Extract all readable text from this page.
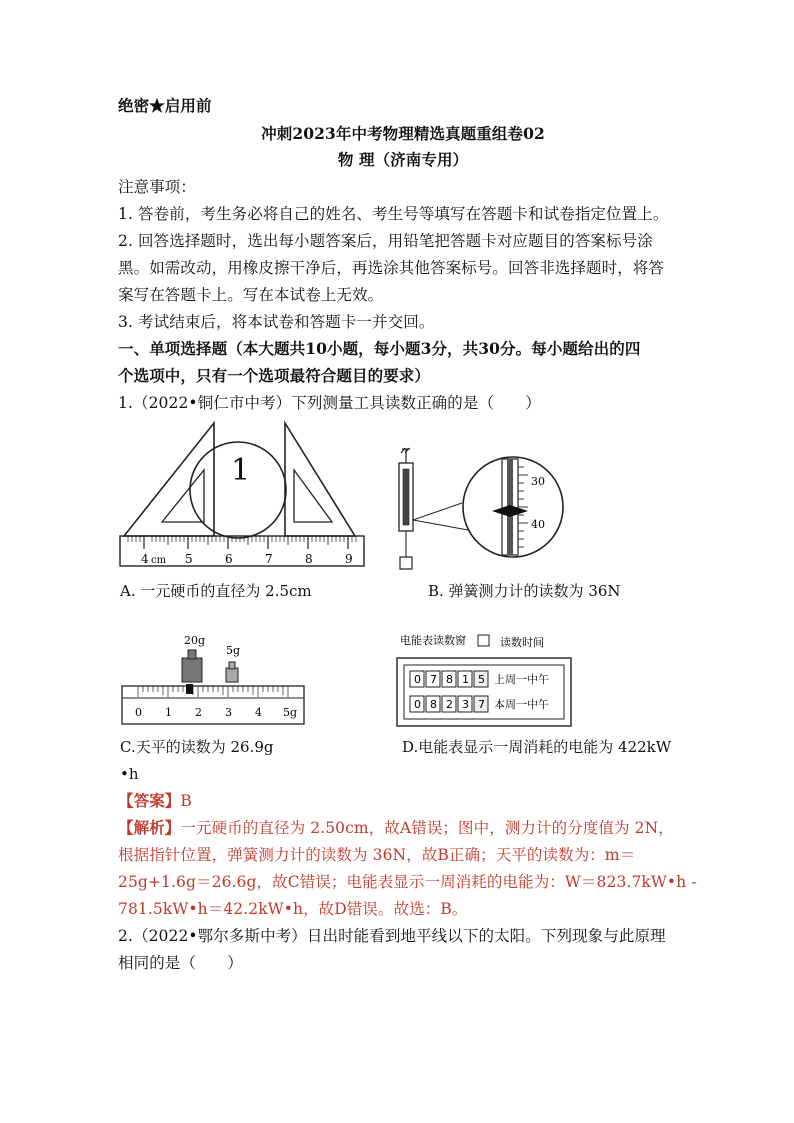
绝密★启用前
冲刺2023年中考物理精选真题重组卷02
物 理（济南专用）
注意事项：
1. 答卷前，考生务必将自己的姓名、考生号等填写在答题卡和试卷指定位置上。
2. 回答选择题时，选出每小题答案后，用铅笔把答题卡对应题目的答案标号涂
黑。如需改动，用橡皮擦干净后，再选涂其他答案标号。回答非选择题时，将答
案写在答题卡上。写在本试卷上无效。
3. 考试结束后，将本试卷和答题卡一并交回。
一、单项选择题（本大题共10小题，每小题3分，共30分。每小题给出的四
个选项中，只有一个选项最符合题目的要求）
1.（2022•铜仁市中考）下列测量工具读数正确的是（　　）
1
4 cm 5	6	7	8	9
30
40
A. 一元硬币的直径为 2.5cm	B. 弹簧测力计的读数为 36N
20g
5g
0 1 2 3 4 5g
电能表读数窗	读数时间
0 7 8 1 5 上周一中午
0 8 2 3 7 本周一中午
C.天平的读数为 26.9g	D.电能表显示一周消耗的电能为 422kW
•h
【答案】B
【解析】一元硬币的直径为 2.50cm，故A错误；图中，测力计的分度值为 2N，
根据指针位置，弹簧测力计的读数为 36N，故B正确；天平的读数为：m＝
25g+1.6g＝26.6g，故C错误；电能表显示一周消耗的电能为：W＝823.7kW•h -
781.5kW•h＝42.2kW•h，故D错误。故选：B。
2.（2022•鄂尔多斯中考）日出时能看到地平线以下的太阳。下列现象与此原理
相同的是（　　）
